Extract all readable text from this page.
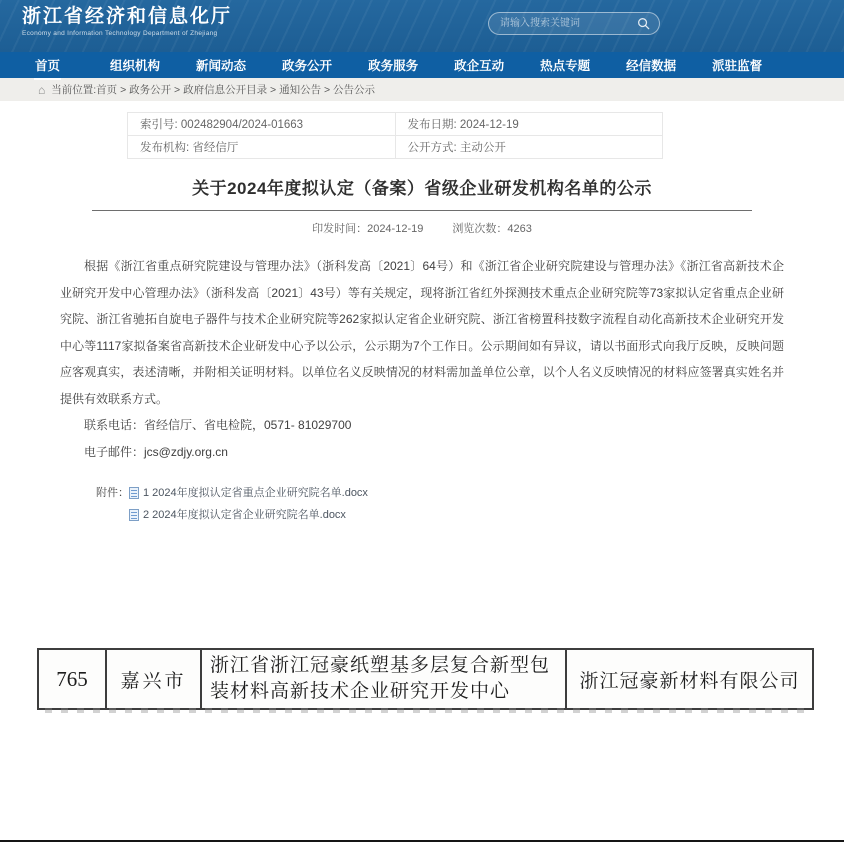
浙江省经济和信息化厅
Economy and Information Technology Department of Zhejiang
请输入搜索关键词
首页	组织机构	新闻动态	政务公开	政务服务	政企互动	热点专题	经信数据	派驻监督
⌂ 当前位置:首页 > 政务公开 > 政府信息公开目录 > 通知公告 > 公告公示
索引号: 002482904/2024-01663	发布日期: 2024-12-19
发布机构: 省经信厅	公开方式: 主动公开
关于2024年度拟认定（备案）省级企业研发机构名单的公示
印发时间：2024-12-19	浏览次数：4263

根据《浙江省重点研究院建设与管理办法》（浙科发高〔2021〕64号）和《浙江省企业研究院建设与管理办法》《浙江省高新技术企业研究开发中心管理办法》（浙科发高〔2021〕43号）等有关规定，现将浙江省红外探测技术重点企业研究院等73家拟认定省重点企业研究院、浙江省驰拓自旋电子器件与技术企业研究院等262家拟认定省企业研究院、浙江省榜置科技数字流程自动化高新技术企业研究开发中心等1117家拟备案省高新技术企业研发中心予以公示，公示期为7个工作日。公示期间如有异议，请以书面形式向我厅反映，反映问题应客观真实，表述清晰，并附相关证明材料。以单位名义反映情况的材料需加盖单位公章，以个人名义反映情况的材料应签署真实姓名并提供有效联系方式。

联系电话：省经信厅、省电检院，0571- 81029700
电子邮件：jcs@zdjy.org.cn
附件： 1 2024年度拟认定省重点企业研究院名单.docx
2 2024年度拟认定省企业研究院名单.docx
765	嘉兴市	浙江省浙江冠豪纸塑基多层复合新型包装材料高新技术企业研究开发中心	浙江冠豪新材料有限公司
